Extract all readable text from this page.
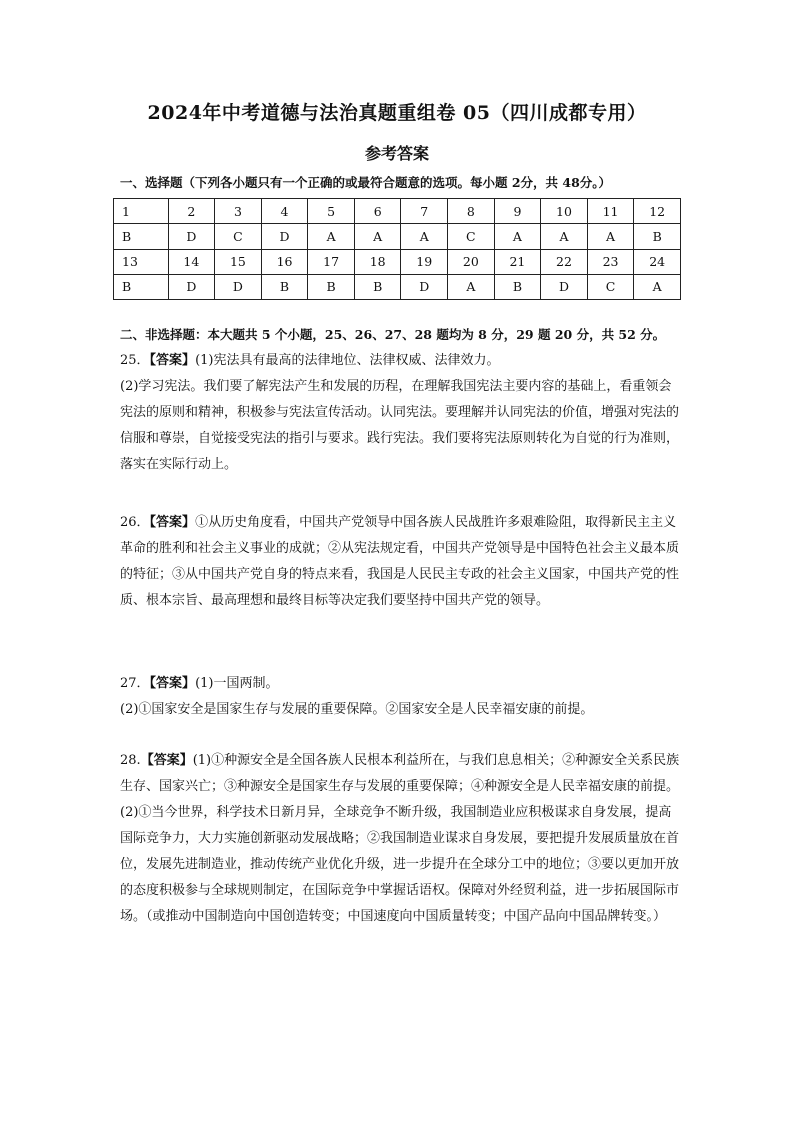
2024年中考道德与法治真题重组卷 05（四川成都专用）
参考答案
一、选择题（下列各小题只有一个正确的或最符合题意的选项。每小题 2分，共 48分。）
1	2	3	4	5	6	7	8	9	10	11	12
B	D	C	D	A	A	A	C	A	A	A	B
13	14	15	16	17	18	19	20	21	22	23	24
B	D	D	B	B	B	D	A	B	D	C	A
二、非选择题：本大题共 5 个小题，25、26、27、28 题均为 8 分，29 题 20 分，共 52 分。

25．【答案】(1)宪法具有最高的法律地位、法律权威、法律效力。

(2)学习宪法。我们要了解宪法产生和发展的历程，在理解我国宪法主要内容的基础上，看重领会宪法的原则和精神，积极参与宪法宣传活动。认同宪法。要理解并认同宪法的价值，增强对宪法的信服和尊崇，自觉接受宪法的指引与要求。践行宪法。我们要将宪法原则转化为自觉的行为准则，落实在实际行动上。

26．【答案】①从历史角度看，中国共产党领导中国各族人民战胜许多艰难险阻，取得新民主主义革命的胜利和社会主义事业的成就；②从宪法规定看，中国共产党领导是中国特色社会主义最本质的特征；③从中国共产党自身的特点来看，我国是人民民主专政的社会主义国家，中国共产党的性质、根本宗旨、最高理想和最终目标等决定我们要坚持中国共产党的领导。

27．【答案】(1)一国两制。

(2)①国家安全是国家生存与发展的重要保障。②国家安全是人民幸福安康的前提。

28.【答案】(1)①种源安全是全国各族人民根本利益所在，与我们息息相关；②种源安全关系民族生存、国家兴亡；③种源安全是国家生存与发展的重要保障；④种源安全是人民幸福安康的前提。

(2)①当今世界，科学技术日新月异，全球竞争不断升级，我国制造业应积极谋求自身发展，提高国际竞争力，大力实施创新驱动发展战略；②我国制造业谋求自身发展，要把提升发展质量放在首位，发展先进制造业，推动传统产业优化升级，进一步提升在全球分工中的地位；③要以更加开放的态度积极参与全球规则制定，在国际竞争中掌握话语权。保障对外经贸利益，进一步拓展国际市场。（或推动中国制造向中国创造转变；中国速度向中国质量转变；中国产品向中国品牌转变。）
